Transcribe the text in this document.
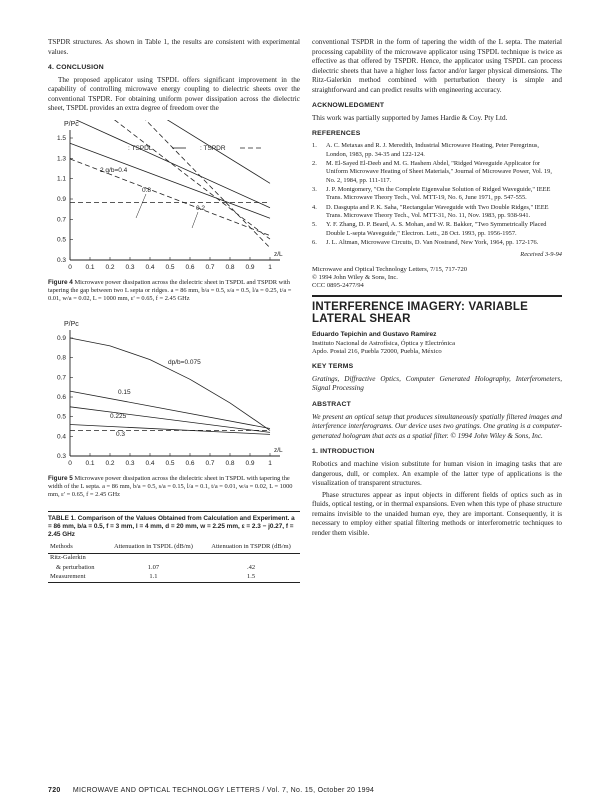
TSPDR structures. As shown in Table 1, the results are consistent with experimental values.

4. CONCLUSION

The proposed applicator using TSPDL offers significant improvement in the capability of controlling microwave energy coupling to dielectric sheets over the conventional TSPDR. For obtaining uniform power dissipation across the dielectric sheet, TSPDL provides an extra degree of freedom over the

0 0.1 0.2 0.3 0.4 0.5 0.6 0.7 0.8 0.9 1
0.3
0.5
0.7
0.9
1.1
1.3
1.5
P/Pc
z/L
: TSPDL	: TSPDR
2 g/b=0.4
0.8
0.2
Figure 4 Microwave power dissipation across the dielectric sheet in TSPDL and TSPDR with tapering the gap between two L septa or ridges. a = 86 mm, b/a = 0.5, s/a = 0.5, l/a = 0.25, t/a = 0.01, w/a = 0.02, L = 1000 mm, ε' = 0.65, f = 2.45 GHz
0 0.1 0.2 0.3 0.4 0.5 0.6 0.7 0.8 0.9 1
0.3
0.4
0.5
0.6
0.7
0.8
0.9
P/Pc
z/L
dp/b=0.075
0.15
0.225
0.3
Figure 5 Microwave power dissipation across the dielectric sheet in TSPDL with tapering the width of the L septa. a = 86 mm, b/a = 0.5, s/a = 0.15, l/a = 0.1, t/a = 0.01, w/a = 0.02, L = 1000 mm, ε' = 0.65, f = 2.45 GHz
TABLE 1. Comparison of the Values Obtained from Calculation and Experiment. a = 86 mm, b/a = 0.5, f = 3 mm, l = 4 mm, d = 20 mm, w = 2.25 mm, ε = 2.3 − j0.27, f = 2.45 GHz
Methods	Attenuation in TSPDL (dB/m)	Attenuation in TSPDR (dB/m)
Ritz-Galerkin		
& perturbation	1.07	.42
Measurement	1.1	1.5

conventional TSPDR in the form of tapering the width of the L septa. The material processing capability of the microwave applicator using TSPDL technique is twice as effective as that offered by TSPDR. Hence, the applicator using TSPDL can process dielectric sheets that have a higher loss factor and/or larger physical dimensions. The Ritz-Galerkin method combined with perturbation theory is simple and straightforward and can predict results with engineering accuracy.

ACKNOWLEDGMENT

This work was partially supported by James Hardie & Coy. Pty Ltd.

REFERENCES
1. A. C. Metaxas and R. J. Meredith, Industrial Microwave Heating, Peter Peregrinus, London, 1983, pp. 34-35 and 122-124.
2. M. El-Sayed El-Deeb and M. G. Hashem Abdel, "Ridged Waveguide Applicator for Uniform Microwave Heating of Sheet Materials," Journal of Microwave Power, Vol. 19, No. 2, 1984, pp. 111-117.
3. J. P. Montgomery, "On the Complete Eigenvalue Solution of Ridged Waveguide," IEEE Trans. Microwave Theory Tech., Vol. MTT-19, No. 6, June 1971, pp. 547-555.
4. D. Dasgupta and P. K. Saha, "Rectangular Waveguide with Two Double Ridges," IEEE Trans. Microwave Theory Tech., Vol. MTT-31, No. 11, Nov. 1983, pp. 938-941.
5. Y. F. Zhang, D. P. Beard, A. S. Mohan, and W. R. Bakker, "Two Symmetrically Placed Double L-septa Waveguide," Electron. Lett., 28 Oct. 1993, pp. 1956-1957.
6. J. L. Altman, Microwave Circuits, D. Van Nostrand, New York, 1964, pp. 172-176.
Received 3-9-94
Microwave and Optical Technology Letters, 7/15, 717-720
© 1994 John Wiley & Sons, Inc.
CCC 0895-2477/94
INTERFERENCE IMAGERY: VARIABLE LATERAL SHEAR
Eduardo Tepichin and Gustavo Ramírez
Instituto Nacional de Astrofísica, Óptica y Electrónica
Apdo. Postal 216, Puebla 72000, Puebla, México
KEY TERMS

Gratings, Diffractive Optics, Computer Generated Holography, Interferometers, Signal Processing

ABSTRACT

We present an optical setup that produces simultaneously spatially filtered images and interference interferograms. Our device uses two gratings. One grating is a computer-generated hologram that acts as a spatial filter. © 1994 John Wiley & Sons, Inc.

1. INTRODUCTION

Robotics and machine vision substitute for human vision in imaging tasks that are dangerous, dull, or complex. An example of the latter type of applications is the visualization of transparent structures.

Phase structures appear as input objects in different fields of optics such as in fluids, optical testing, or in thermal expansions. Even when this type of phase structure remains invisible to the unaided human eye, they are important. Consequently, it is necessary to employ either spatial filtering methods or interferometric techniques to render them visible.

720 MICROWAVE AND OPTICAL TECHNOLOGY LETTERS / Vol. 7, No. 15, October 20 1994
